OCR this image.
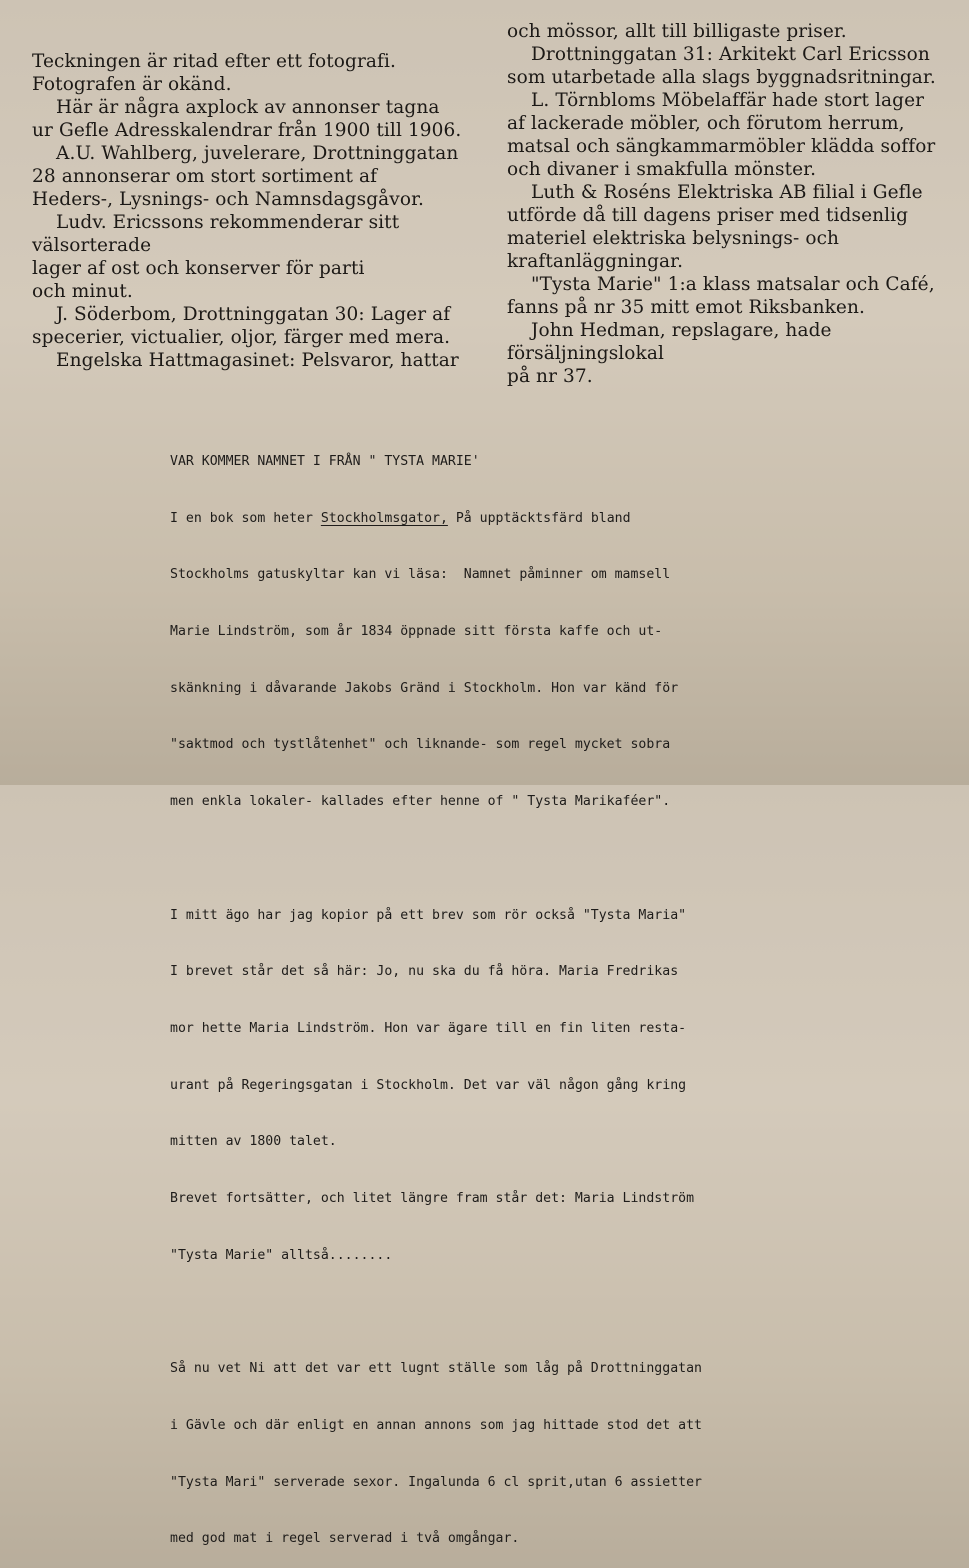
Teckningen är ritad efter ett fotografi.
Fotografen är okänd.

Här är några axplock av annonser tagna
ur Gefle Adresskalendrar från 1900 till 1906.

A.U. Wahlberg, juvelerare, Drottninggatan
28 annonserar om stort sortiment af
Heders-, Lysnings- och Namnsdagsgåvor.

Ludv. Ericssons rekommenderar sitt välsorterade
lager af ost och konserver för parti
och minut.

J. Söderbom, Drottninggatan 30: Lager af
specerier, victualier, oljor, färger med mera.

Engelska Hattmagasinet: Pelsvaror, hattar

och mössor, allt till billigaste priser.

Drottninggatan 31: Arkitekt Carl Ericsson
som utarbetade alla slags byggnadsritningar.

L. Törnbloms Möbelaffär hade stort lager
af lackerade möbler, och förutom herrum,
matsal och sängkammarmöbler klädda soffor
och divaner i smakfulla mönster.

Luth & Roséns Elektriska AB filial i Gefle
utförde då till dagens priser med tidsenlig
materiel elektriska belysnings- och kraftanläggningar.

"Tysta Marie" 1:a klass matsalar och Café,
fanns på nr 35 mitt emot Riksbanken.

John Hedman, repslagare, hade försäljningslokal
på nr 37.

VAR KOMMER NAMNET I FRÅN " TYSTA MARIE'

I en bok som heter Stockholmsgator, På upptäcktsfärd bland

Stockholms gatuskyltar kan vi läsa:  Namnet påminner om mamsell

Marie Lindström, som år 1834 öppnade sitt första kaffe och ut-

skänkning i dåvarande Jakobs Gränd i Stockholm. Hon var känd för

"saktmod och tystlåtenhet" och liknande- som regel mycket sobra

men enkla lokaler- kallades efter henne of " Tysta Marikaféer".

I mitt ägo har jag kopior på ett brev som rör också "Tysta Maria"

I brevet står det så här: Jo, nu ska du få höra. Maria Fredrikas

mor hette Maria Lindström. Hon var ägare till en fin liten resta-

urant på Regeringsgatan i Stockholm. Det var väl någon gång kring

mitten av 1800 talet.

Brevet fortsätter, och litet längre fram står det: Maria Lindström

"Tysta Marie" alltså........

Så nu vet Ni att det var ett lugnt ställe som låg på Drottninggatan

i Gävle och där enligt en annan annons som jag hittade stod det att

"Tysta Mari" serverade sexor. Ingalunda 6 cl sprit,utan 6 assietter

med god mat i regel serverad i två omgångar.
